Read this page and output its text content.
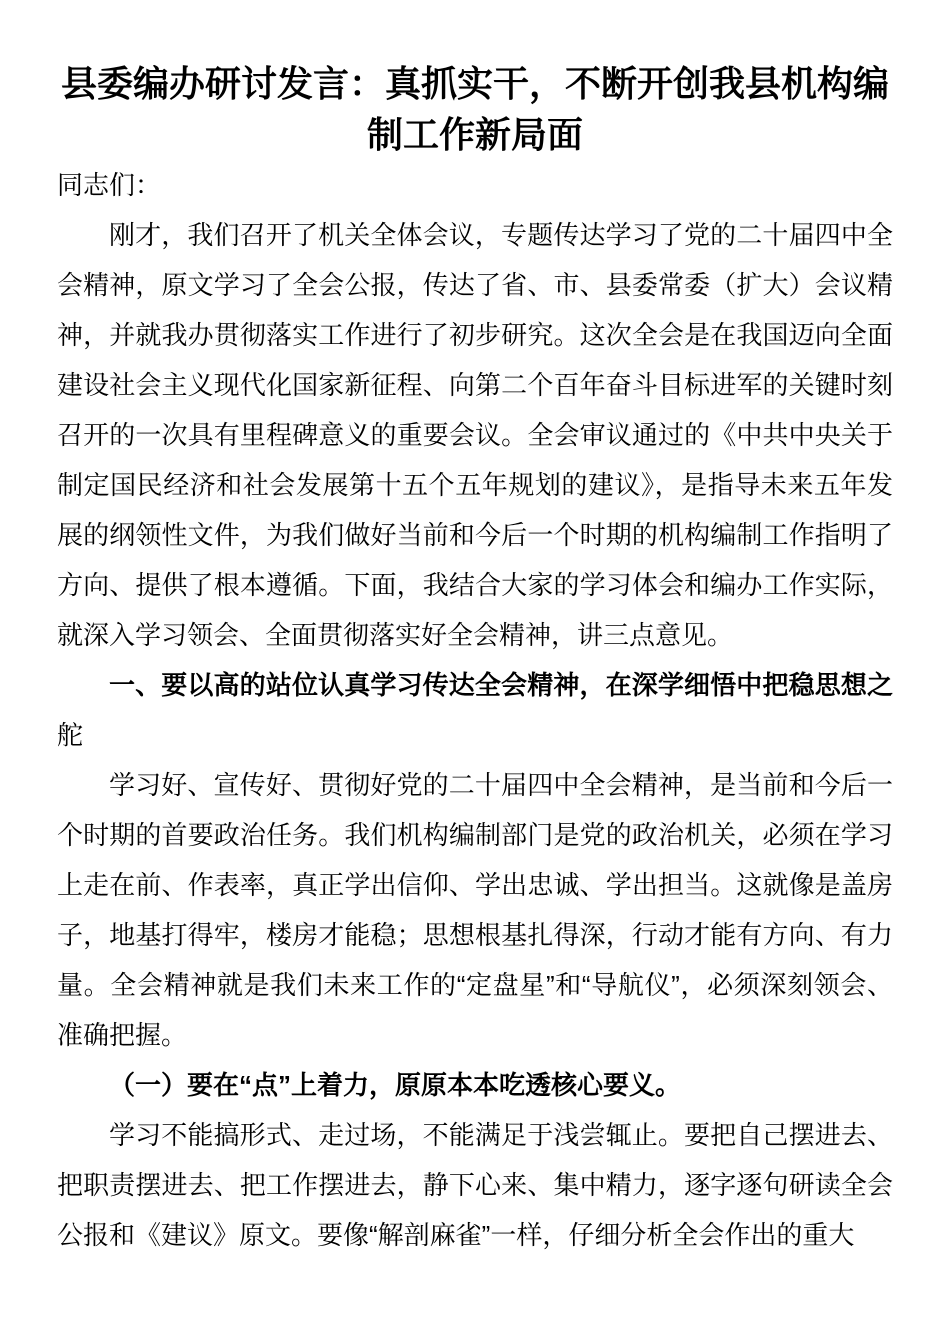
县委编办研讨发言：真抓实干，不断开创我县机构编制工作新局面

同志们：

刚才，我们召开了机关全体会议，专题传达学习了党的二十届四中全会精神，原文学习了全会公报，传达了省、市、县委常委（扩大）会议精神，并就我办贯彻落实工作进行了初步研究。这次全会是在我国迈向全面建设社会主义现代化国家新征程、向第二个百年奋斗目标进军的关键时刻召开的一次具有里程碑意义的重要会议。全会审议通过的《中共中央关于制定国民经济和社会发展第十五个五年规划的建议》，是指导未来五年发展的纲领性文件，为我们做好当前和今后一个时期的机构编制工作指明了方向、提供了根本遵循。下面，我结合大家的学习体会和编办工作实际，就深入学习领会、全面贯彻落实好全会精神，讲三点意见。

一、要以高的站位认真学习传达全会精神，在深学细悟中把稳思想之舵

学习好、宣传好、贯彻好党的二十届四中全会精神，是当前和今后一个时期的首要政治任务。我们机构编制部门是党的政治机关，必须在学习上走在前、作表率，真正学出信仰、学出忠诚、学出担当。这就像是盖房子，地基打得牢，楼房才能稳；思想根基扎得深，行动才能有方向、有力量。全会精神就是我们未来工作的“定盘星”和“导航仪”，必须深刻领会、准确把握。

（一）要在“点”上着力，原原本本吃透核心要义。

学习不能搞形式、走过场，不能满足于浅尝辄止。要把自己摆进去、把职责摆进去、把工作摆进去，静下心来、集中精力，逐字逐句研读全会公报和《建议》原文。要像“解剖麻雀”一样，仔细分析全会作出的重大
